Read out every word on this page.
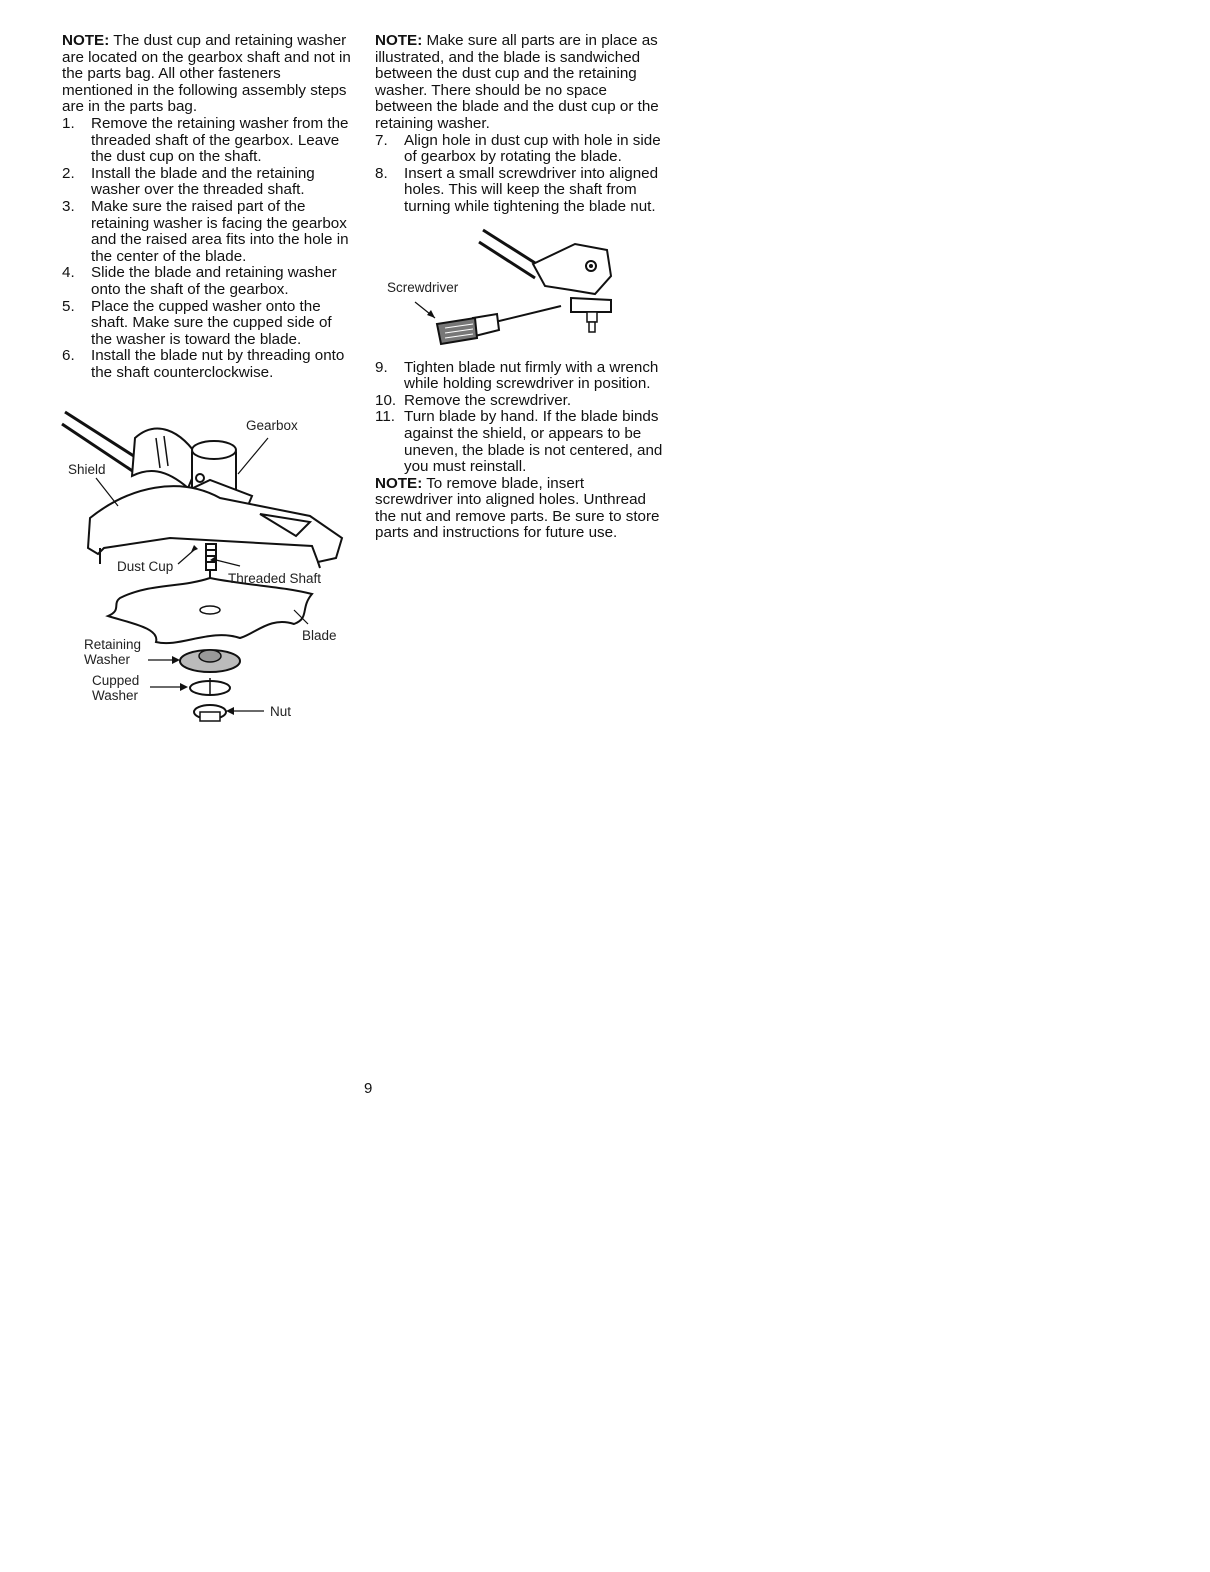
NOTE: The dust cup and retaining washer are located on the gearbox shaft and not in the parts bag. All other fasteners mentioned in the following assembly steps are in the parts bag.

1. Remove the retaining washer from the threaded shaft of the gearbox. Leave the dust cup on the shaft.
2. Install the blade and the retaining washer over the threaded shaft.
3. Make sure the raised part of the retaining washer is facing the gearbox and the raised area fits into the hole in the center of the blade.
4. Slide the blade and retaining washer onto the shaft of the gearbox.
5. Place the cupped washer onto the shaft. Make sure the cupped side of the washer is toward the blade.
6. Install the blade nut by threading onto the shaft counterclockwise.
Gearbox
Shield
Dust Cup
Threaded Shaft
Blade
Retaining
Washer
Cupped
Washer
Nut

NOTE: Make sure all parts are in place as illustrated, and the blade is sandwiched between the dust cup and the retaining washer. There should be no space between the blade and the dust cup or the retaining washer.

7. Align hole in dust cup with hole in side of gearbox by rotating the blade.
8. Insert a small screwdriver into aligned holes. This will keep the shaft from turning while tightening the blade nut.
Screwdriver
9. Tighten blade nut firmly with a wrench while holding screwdriver in position.
10. Remove the screwdriver.
11. Turn blade by hand. If the blade binds against the shield, or appears to be uneven, the blade is not centered, and you must reinstall.

NOTE: To remove blade, insert screwdriver into aligned holes. Unthread the nut and remove parts. Be sure to store parts and instructions for future use.

9
